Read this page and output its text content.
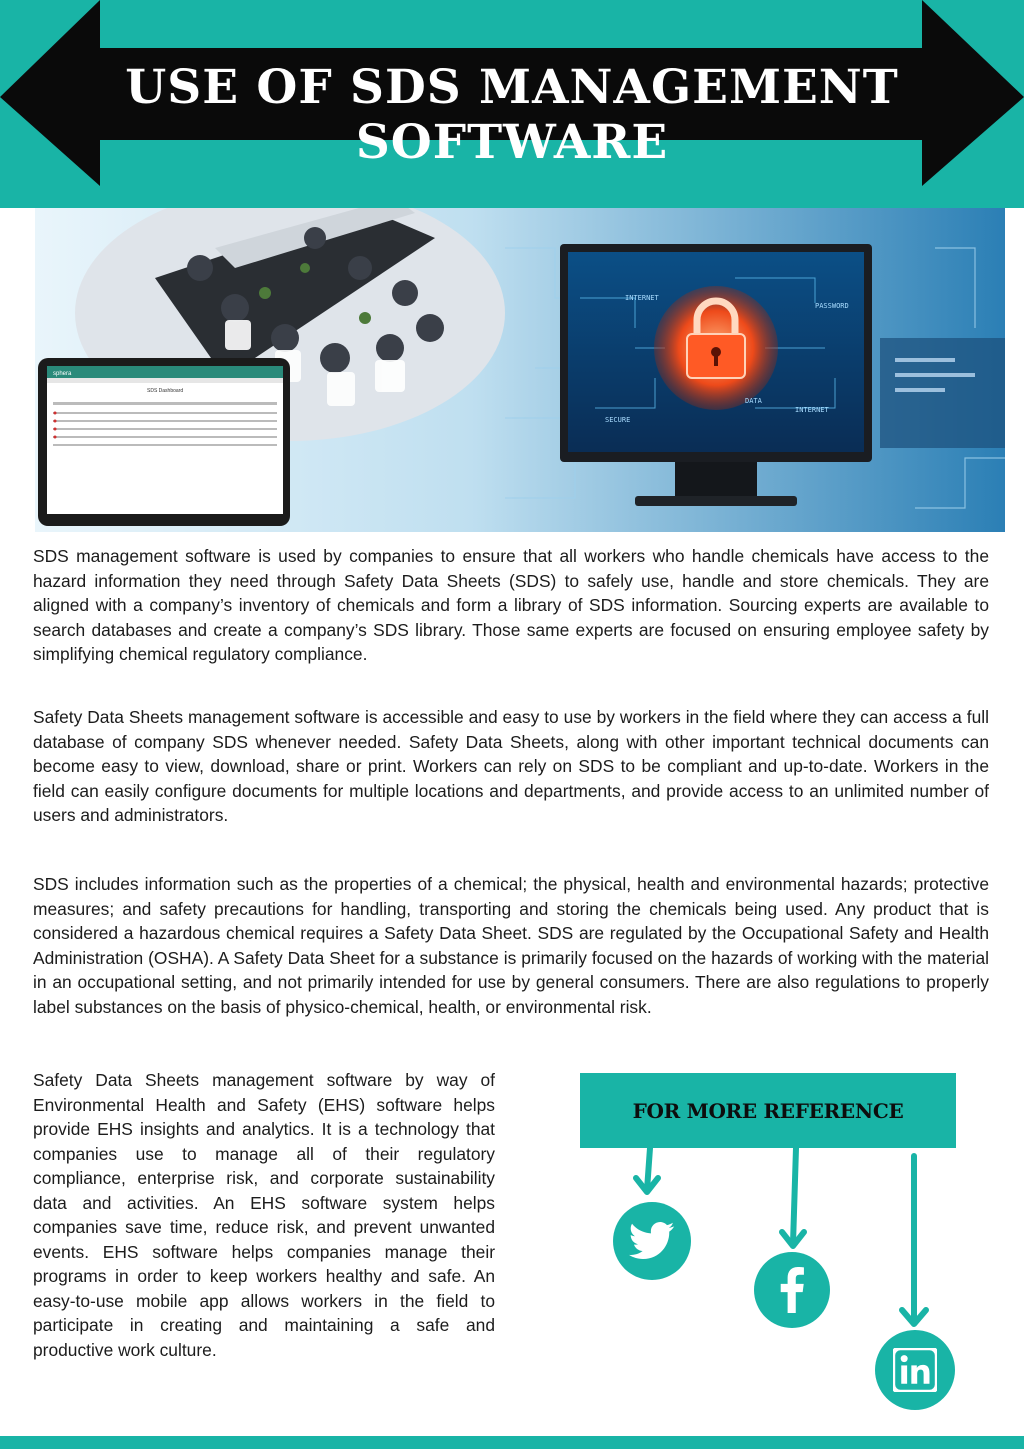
USE OF SDS MANAGEMENT SOFTWARE
sphera
SDS Dashboard
INTERNET
PASSWORD
DATA
INTERNET
SECURE

SDS management software is used by companies to ensure that all workers who handle chemicals have access to the hazard information they need through Safety Data Sheets (SDS) to safely use, handle and store chemicals. They are aligned with a company’s inventory of chemicals and form a library of SDS information. Sourcing experts are available to search databases and create a company’s SDS library. Those same experts are focused on ensuring employee safety by simplifying chemical regulatory compliance.

Safety Data Sheets management software is accessible and easy to use by workers in the field where they can access a full database of company SDS whenever needed. Safety Data Sheets, along with other important technical documents can become easy to view, download, share or print. Workers can rely on SDS to be compliant and up-to-date. Workers in the field can easily configure documents for multiple locations and departments, and provide access to an unlimited number of users and administrators.

SDS includes information such as the properties of a chemical; the physical, health and environmental hazards; protective measures; and safety precautions for handling, transporting and storing the chemicals being used. Any product that is considered a hazardous chemical requires a Safety Data Sheet. SDS are regulated by the Occupational Safety and Health Administration (OSHA). A Safety Data Sheet for a substance is primarily focused on the hazards of working with the material in an occupational setting, and not primarily intended for use by general consumers. There are also regulations to properly label substances on the basis of physico-chemical, health, or environmental risk.

Safety Data Sheets management software by way of Environmental Health and Safety (EHS) software helps provide EHS insights and analytics. It is a technology that companies use to manage all of their regulatory compliance, enterprise risk, and corporate sustainability data and activities. An EHS software system helps companies save time, reduce risk, and prevent unwanted events. EHS software helps companies manage their programs in order to keep workers healthy and safe. An easy-to-use mobile app allows workers in the field to participate in creating and maintaining a safe and productive work culture.

FOR MORE REFERENCE
